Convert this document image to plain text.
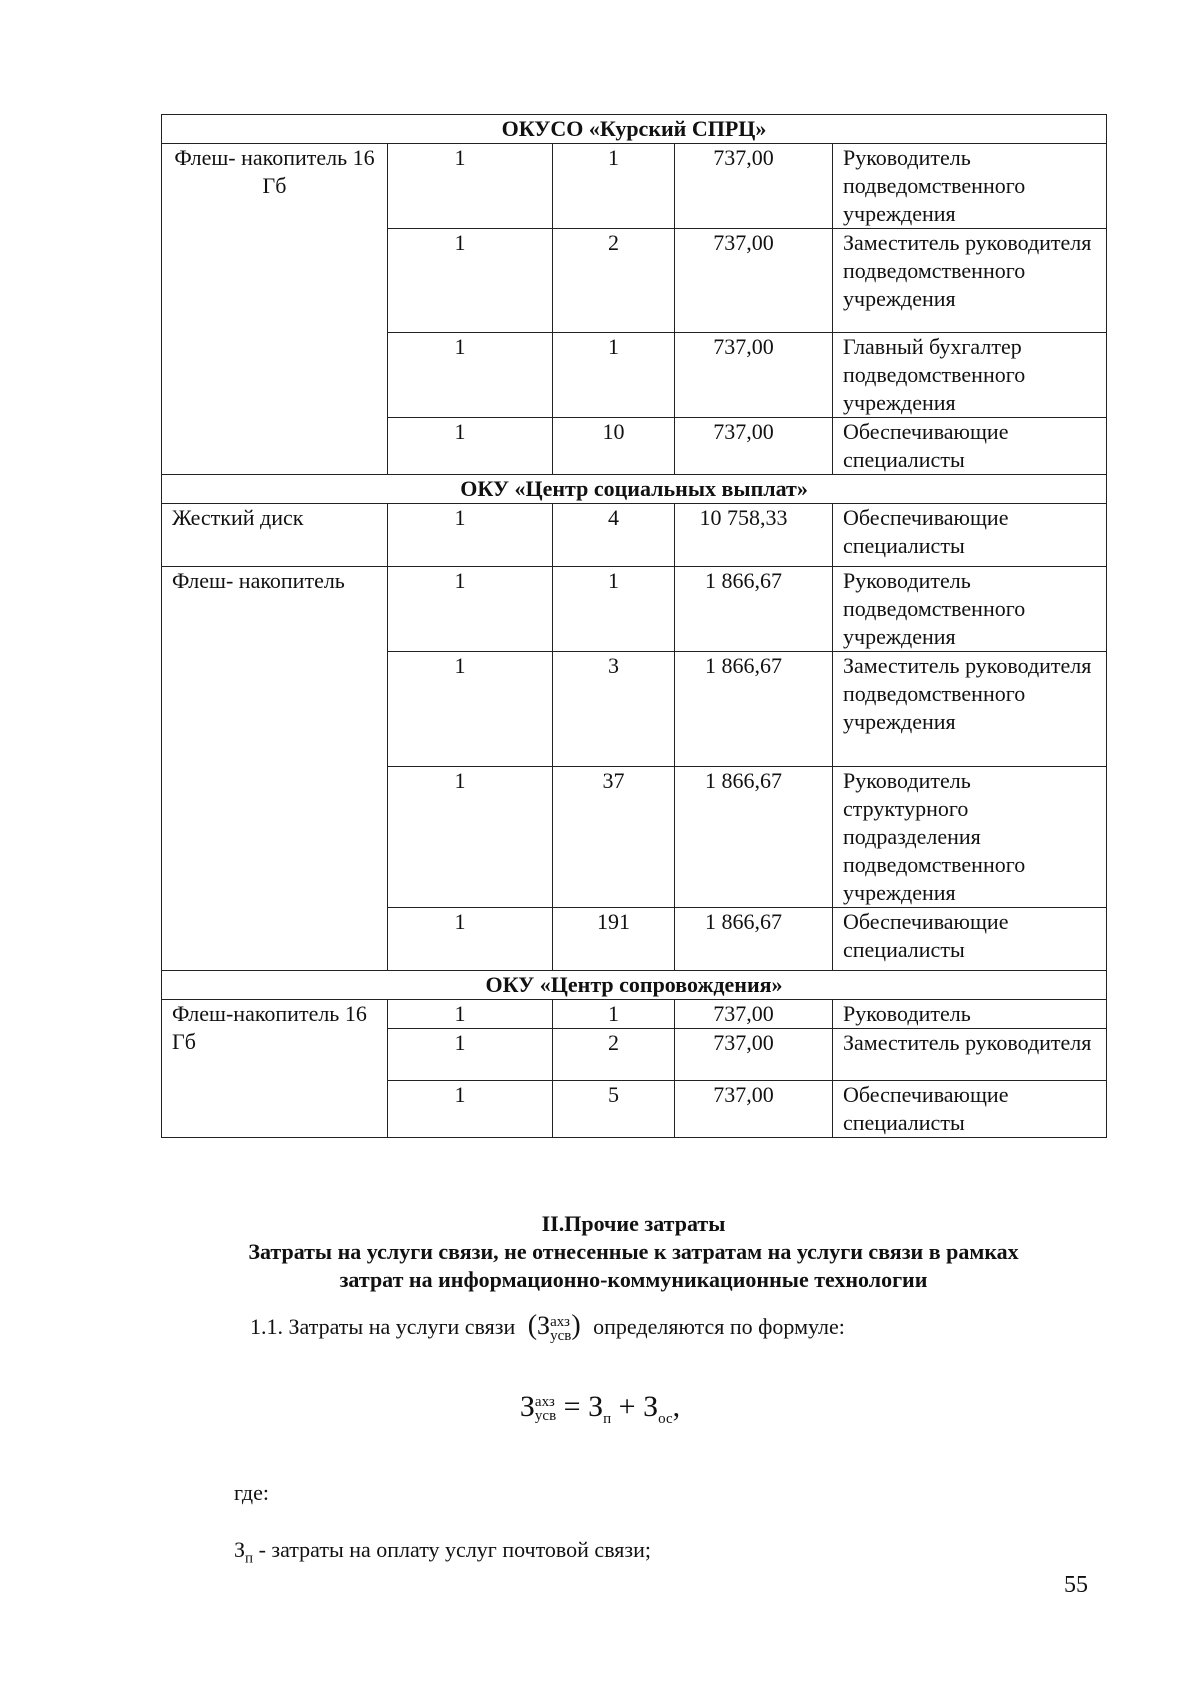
ОКУСО «Курский СПРЦ»				
Флеш- накопитель 16 Гб	1	1	737,00	Руководитель подведомственного учреждения
	1	2	737,00	Заместитель руководителя подведомственного учреждения
	1	1	737,00	Главный бухгалтер подведомственного учреждения
	1	10	737,00	Обеспечивающие специалисты
ОКУ «Центр социальных выплат»				
Жесткий диск	1	4	10 758,33	Обеспечивающие специалисты
Флеш- накопитель	1	1	1 866,67	Руководитель подведомственного учреждения
	1	3	1 866,67	Заместитель руководителя подведомственного учреждения
	1	37	1 866,67	Руководитель структурного подразделения подведомственного учреждения
	1	191	1 866,67	Обеспечивающие специалисты
ОКУ «Центр сопровождения»				
Флеш-накопитель 16 Гб	1	1	737,00	Руководитель
	1	2	737,00	Заместитель руководителя
	1	5	737,00	Обеспечивающие специалисты
II.Прочие затраты
Затраты на услуги связи, не отнесенные к затратам на услуги связи в рамках
затрат на информационно-коммуникационные технологии
1.1. Затраты на услуги связи  (З ахз
усв )  определяются по формуле:
З ахз
усв = $З_п + З_{ос}$,
где:
$З_п$ - затраты на оплату услуг почтовой связи;
55
